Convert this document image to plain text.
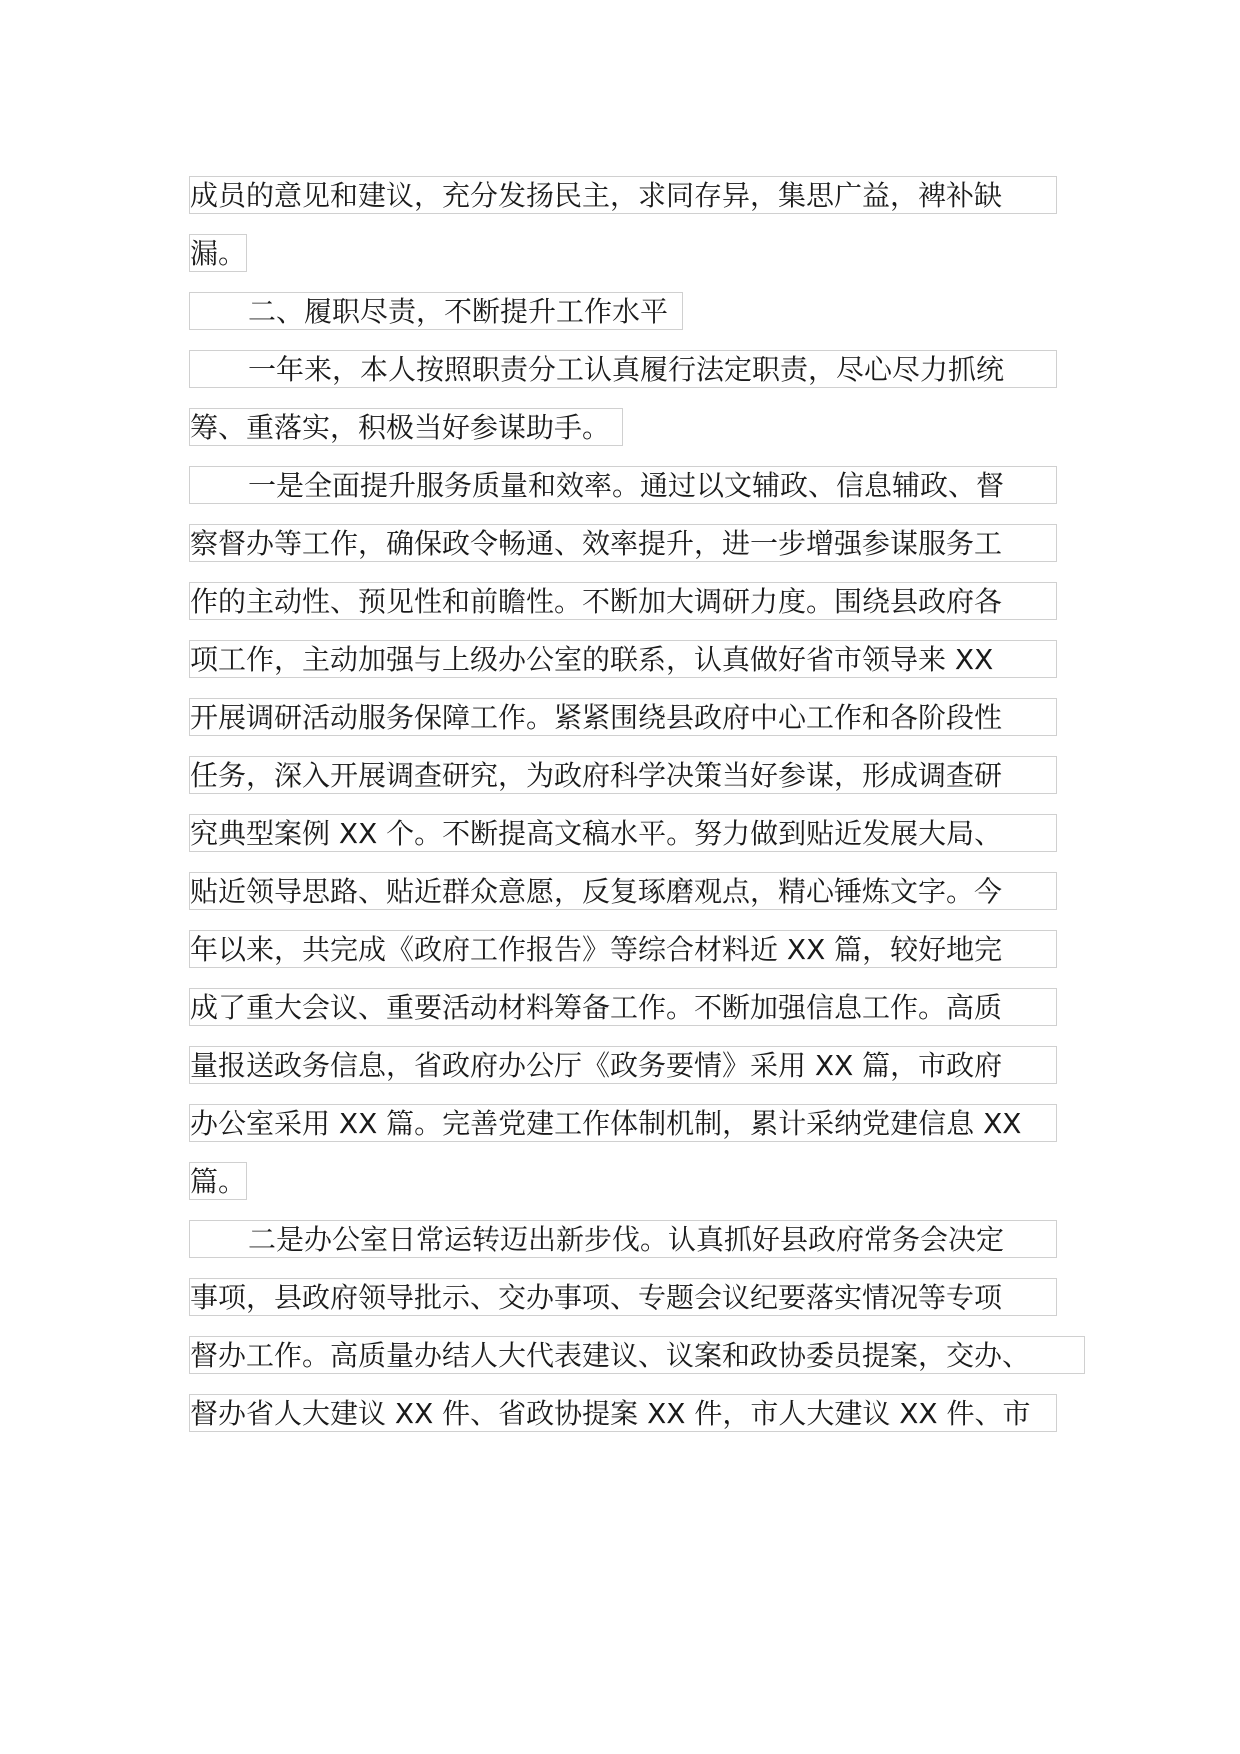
成员的意见和建议，充分发扬民主，求同存异，集思广益，裨补缺
漏。
二、履职尽责，不断提升工作水平
一年来，本人按照职责分工认真履行法定职责，尽心尽力抓统
筹、重落实，积极当好参谋助手。
一是全面提升服务质量和效率。通过以文辅政、信息辅政、督
察督办等工作，确保政令畅通、效率提升，进一步增强参谋服务工
作的主动性、预见性和前瞻性。不断加大调研力度。围绕县政府各
项工作，主动加强与上级办公室的联系，认真做好省市领导来 XX
开展调研活动服务保障工作。紧紧围绕县政府中心工作和各阶段性
任务，深入开展调查研究，为政府科学决策当好参谋，形成调查研
究典型案例 XX 个。不断提高文稿水平。努力做到贴近发展大局、
贴近领导思路、贴近群众意愿，反复琢磨观点，精心锤炼文字。今
年以来，共完成《政府工作报告》等综合材料近 XX 篇，较好地完
成了重大会议、重要活动材料筹备工作。不断加强信息工作。高质
量报送政务信息，省政府办公厅《政务要情》采用 XX 篇，市政府
办公室采用 XX 篇。完善党建工作体制机制，累计采纳党建信息 XX
篇。
二是办公室日常运转迈出新步伐。认真抓好县政府常务会决定
事项，县政府领导批示、交办事项、专题会议纪要落实情况等专项
督办工作。高质量办结人大代表建议、议案和政协委员提案，交办、
督办省人大建议 XX 件、省政协提案 XX 件，市人大建议 XX 件、市
